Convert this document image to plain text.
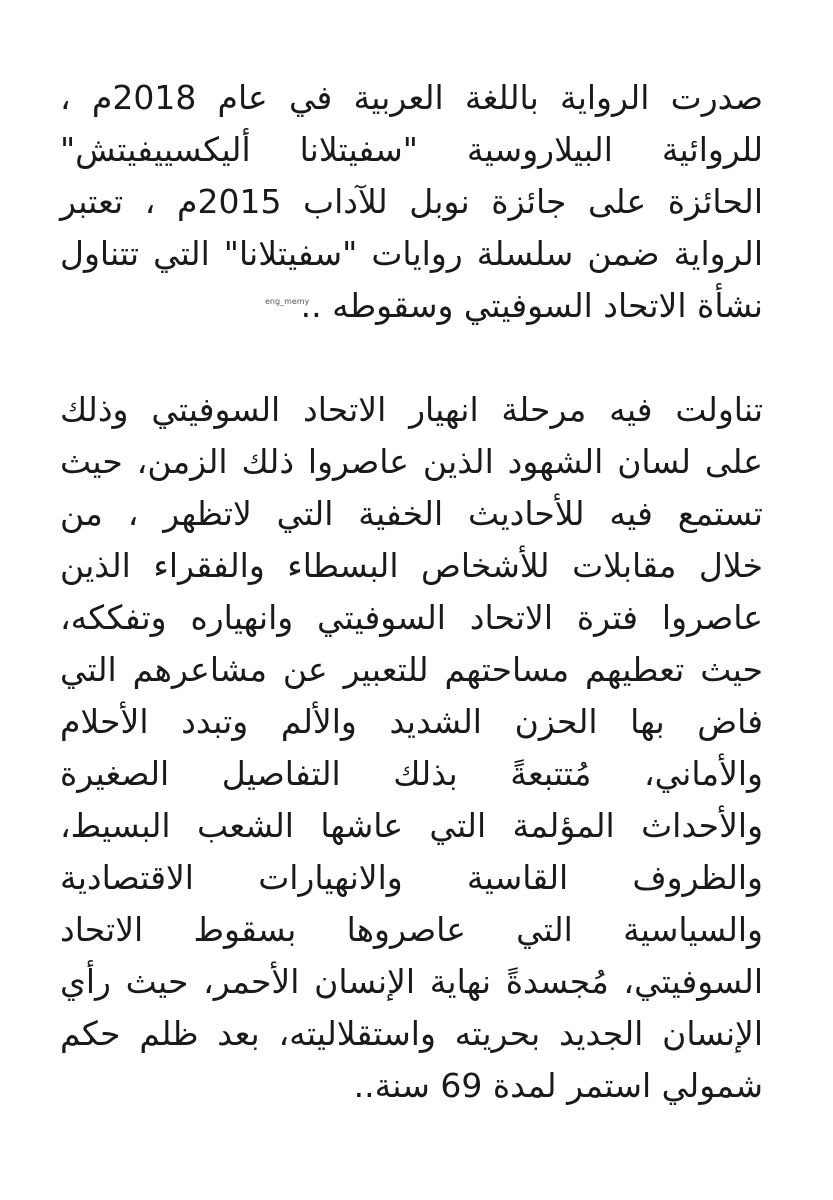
صدرت الرواية باللغة العربية في عام 2018م ،
للروائية البيلاروسية "سفيتلانا أليكسييفيتش"
الحائزة على جائزة نوبل للآداب 2015م ، تعتبر
الرواية ضمن سلسلة روايات "سفيتلانا" التي تتناول
نشأة الاتحاد السوفيتي وسقوطه ..
تناولت فيه مرحلة انهيار الاتحاد السوفيتي وذلك
على لسان الشهود الذين عاصروا ذلك الزمن، حيث
تستمع فيه للأحاديث الخفية التي لاتظهر ، من
خلال مقابلات للأشخاص البسطاء والفقراء الذين
عاصروا فترة الاتحاد السوفيتي وانهياره وتفككه،
حيث تعطيهم مساحتهم للتعبير عن مشاعرهم التي
فاض بها الحزن الشديد والألم وتبدد الأحلام
والأماني، مُتتبعةً بذلك التفاصيل الصغيرة
والأحداث المؤلمة التي عاشها الشعب البسيط،
والظروف القاسية والانهيارات الاقتصادية
والسياسية التي عاصروها بسقوط الاتحاد
السوفيتي، مُجسدةً نهاية الإنسان الأحمر، حيث رأي
الإنسان الجديد بحريته واستقلاليته، بعد ظلم حكم
شمولي استمر لمدة 69 سنة..
eng_memy
